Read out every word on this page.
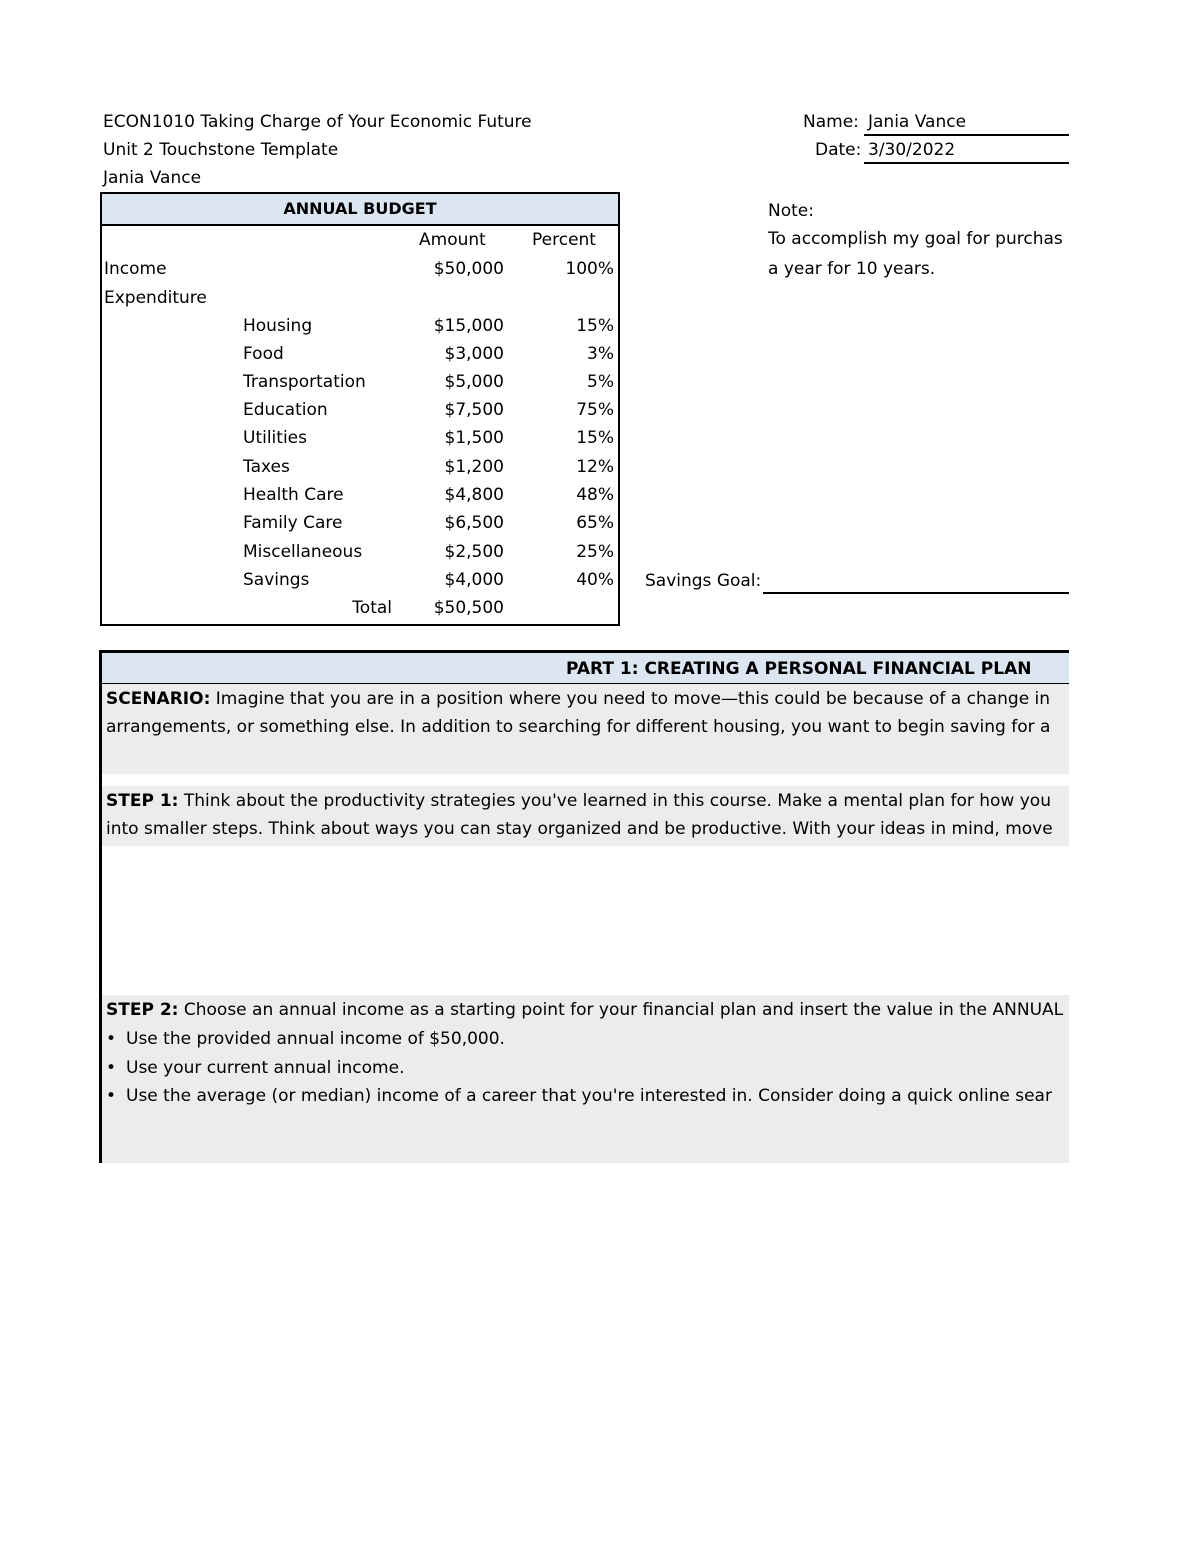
ECON1010 Taking Charge of Your Economic Future
Unit 2 Touchstone Template
Jania Vance
Name: Jania Vance
Date: 3/30/2022
ANNUAL BUDGET
Amount	Percent
Income	$50,000	100%
Expenditure
Housing	$15,000	15%
Food	$3,000	3%
Transportation	$5,000	5%
Education	$7,500	75%
Utilities	$1,500	15%
Taxes	$1,200	12%
Health Care	$4,800	48%
Family Care	$6,500	65%
Miscellaneous	$2,500	25%
Savings	$4,000	40%
Total $50,500
Note:
To accomplish my goal for purchas
a year for 10 years.
Savings Goal:
PART 1: CREATING A PERSONAL FINANCIAL PLAN
SCENARIO: Imagine that you are in a position where you need to move—this could be because of a change in
arrangements, or something else. In addition to searching for different housing, you want to begin saving for a
STEP 1: Think about the productivity strategies you've learned in this course. Make a mental plan for how you
into smaller steps. Think about ways you can stay organized and be productive. With your ideas in mind, move
STEP 2: Choose an annual income as a starting point for your financial plan and insert the value in the ANNUAL
• Use the provided annual income of $50,000.
• Use your current annual income.
• Use the average (or median) income of a career that you're interested in. Consider doing a quick online sear
